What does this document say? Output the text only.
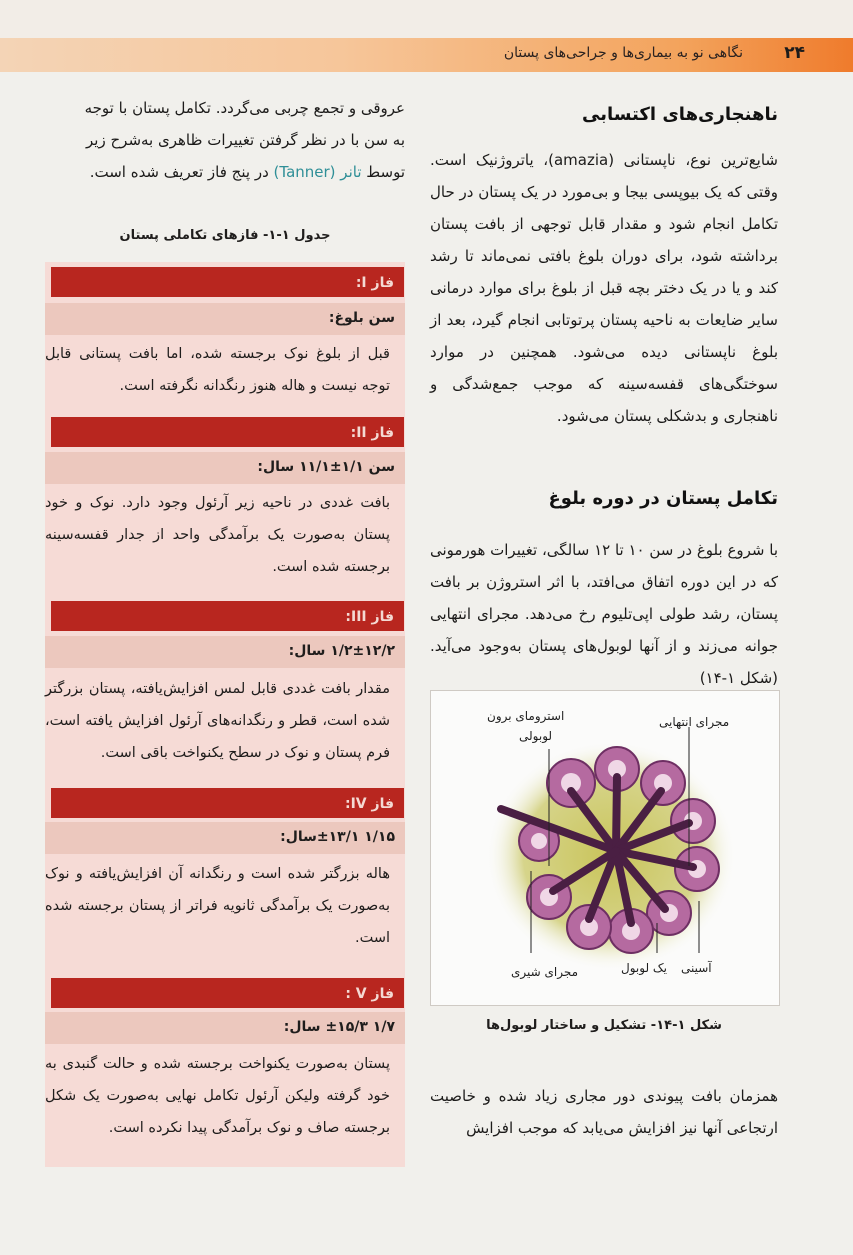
نگاهی نو به بیماری‌ها و جراحی‌های پستان ۲۴
ناهنجاری‌های اکتسابی
شایع‌ترین نوع، ناپستانی (amazia)، یاتروژنیک است. وقتی که یک بیوپسی بیجا و بی‌مورد در یک پستان در حال تکامل انجام شود و مقدار قابل توجهی از بافت پستان برداشته شود، برای دوران بلوغ بافتی نمی‌ماند تا رشد کند و یا در یک دختر بچه قبل از بلوغ برای موارد درمانی سایر ضایعات به ناحیه پستان پرتوتابی انجام گیرد، بعد از بلوغ ناپستانی دیده می‌شود. همچنین در موارد سوختگی‌های قفسه‌سینه که موجب جمع‌شدگی و ناهنجاری و بدشکلی پستان می‌شود.
تکامل پستان در دوره بلوغ
با شروع بلوغ در سن ۱۰ تا ۱۲ سالگی، تغییرات هورمونی که در این دوره اتفاق می‌افتد، با اثر استروژن بر بافت پستان، رشد طولی اپی‌تلیوم رخ می‌دهد. مجرای انتهایی جوانه می‌زند و از آنها لوبول‌های پستان به‌وجود می‌آید. (شکل ۱-۱۴)
استرومای برون
لوبولی
مجرای انتهایی
آسینی
یک لوبول
مجرای شیری
شکل ۱-۱۴- تشکیل و ساختار لوبول‌ها
همزمان بافت پیوندی دور مجاری زیاد شده و خاصیت ارتجاعی آنها نیز افزایش می‌یابد که موجب افزایش
عروقی و تجمع چربی می‌گردد. تکامل پستان با توجه
به سن با در نظر گرفتن تغییرات ظاهری به‌شرح زیر
توسط تانر (Tanner) در پنج فاز تعریف شده است.
جدول ۱-۱- فازهای تکاملی پستان
فاز I:
سن بلوغ:
قبل از بلوغ نوک برجسته شده، اما بافت پستانی قابل توجه نیست و هاله هنوز رنگدانه نگرفته است.
فاز II:
سن ۱/۱±۱۱/۱ سال:
بافت غددی در ناحیه زیر آرئول وجود دارد. نوک و خود پستان به‌صورت یک برآمدگی واحد از جدار قفسه‌سینه برجسته شده است.
فاز III:
۱/۲±۱۲/۲ سال:
مقدار بافت غددی قابل لمس افزایش‌یافته، پستان بزرگتر شده است، قطر و رنگدانه‌های آرئول افزایش یافته است، فرم پستان و نوک در سطح یکنواخت باقی است.
فاز IV:
۱/۱۵ ±۱۳/۱سال:
هاله بزرگتر شده است و رنگدانه آن افزایش‌یافته و نوک به‌صورت یک برآمدگی ثانویه فراتر از پستان برجسته شده است.
فاز V :
۱/۷ ±۱۵/۳ سال:
پستان به‌صورت یکنواخت برجسته شده و حالت گنبدی به خود گرفته ولیکن آرئول تکامل نهایی به‌صورت یک شکل برجسته صاف و نوک برآمدگی پیدا نکرده است.
